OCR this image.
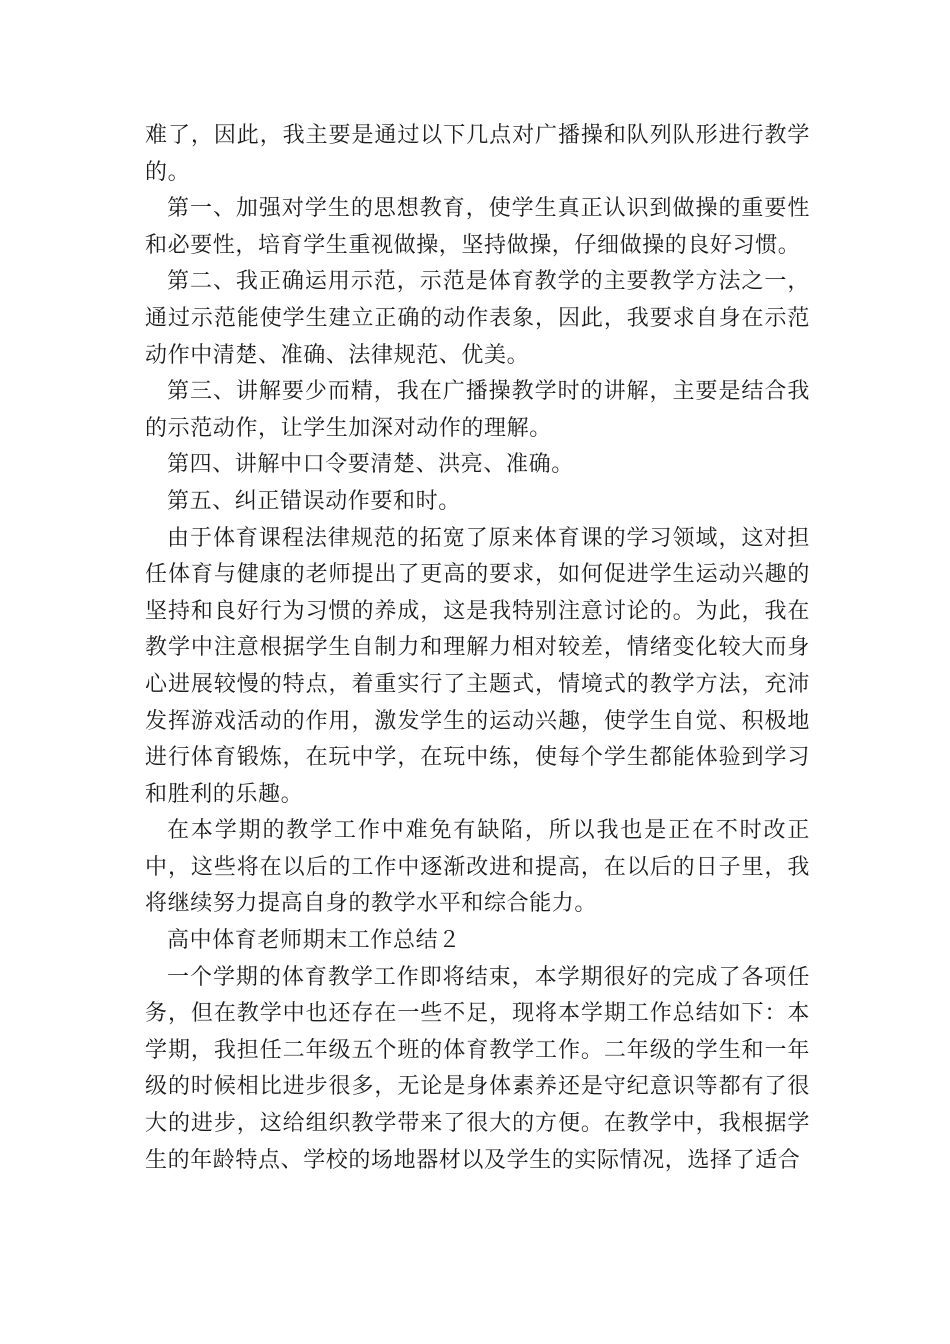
难了，因此，我主要是通过以下几点对广播操和队列队形进行教学的。

第一、加强对学生的思想教育，使学生真正认识到做操的重要性和必要性，培育学生重视做操，坚持做操，仔细做操的良好习惯。

第二、我正确运用示范，示范是体育教学的主要教学方法之一，通过示范能使学生建立正确的动作表象，因此，我要求自身在示范动作中清楚、准确、法律规范、优美。

第三、讲解要少而精，我在广播操教学时的讲解，主要是结合我的示范动作，让学生加深对动作的理解。

第四、讲解中口令要清楚、洪亮、准确。

第五、纠正错误动作要和时。

由于体育课程法律规范的拓宽了原来体育课的学习领域，这对担任体育与健康的老师提出了更高的要求，如何促进学生运动兴趣的坚持和良好行为习惯的养成，这是我特别注意讨论的。为此，我在教学中注意根据学生自制力和理解力相对较差，情绪变化较大而身心进展较慢的特点，着重实行了主题式，情境式的教学方法，充沛发挥游戏活动的作用，激发学生的运动兴趣，使学生自觉、积极地进行体育锻炼，在玩中学，在玩中练，使每个学生都能体验到学习和胜利的乐趣。

在本学期的教学工作中难免有缺陷，所以我也是正在不时改正中，这些将在以后的工作中逐渐改进和提高，在以后的日子里，我将继续努力提高自身的教学水平和综合能力。

高中体育老师期末工作总结２

一个学期的体育教学工作即将结束，本学期很好的完成了各项任务，但在教学中也还存在一些不足，现将本学期工作总结如下：本学期，我担任二年级五个班的体育教学工作。二年级的学生和一年级的时候相比进步很多，无论是身体素养还是守纪意识等都有了很大的进步，这给组织教学带来了很大的方便。在教学中，我根据学生的年龄特点、学校的场地器材以及学生的实际情况，选择了适合
